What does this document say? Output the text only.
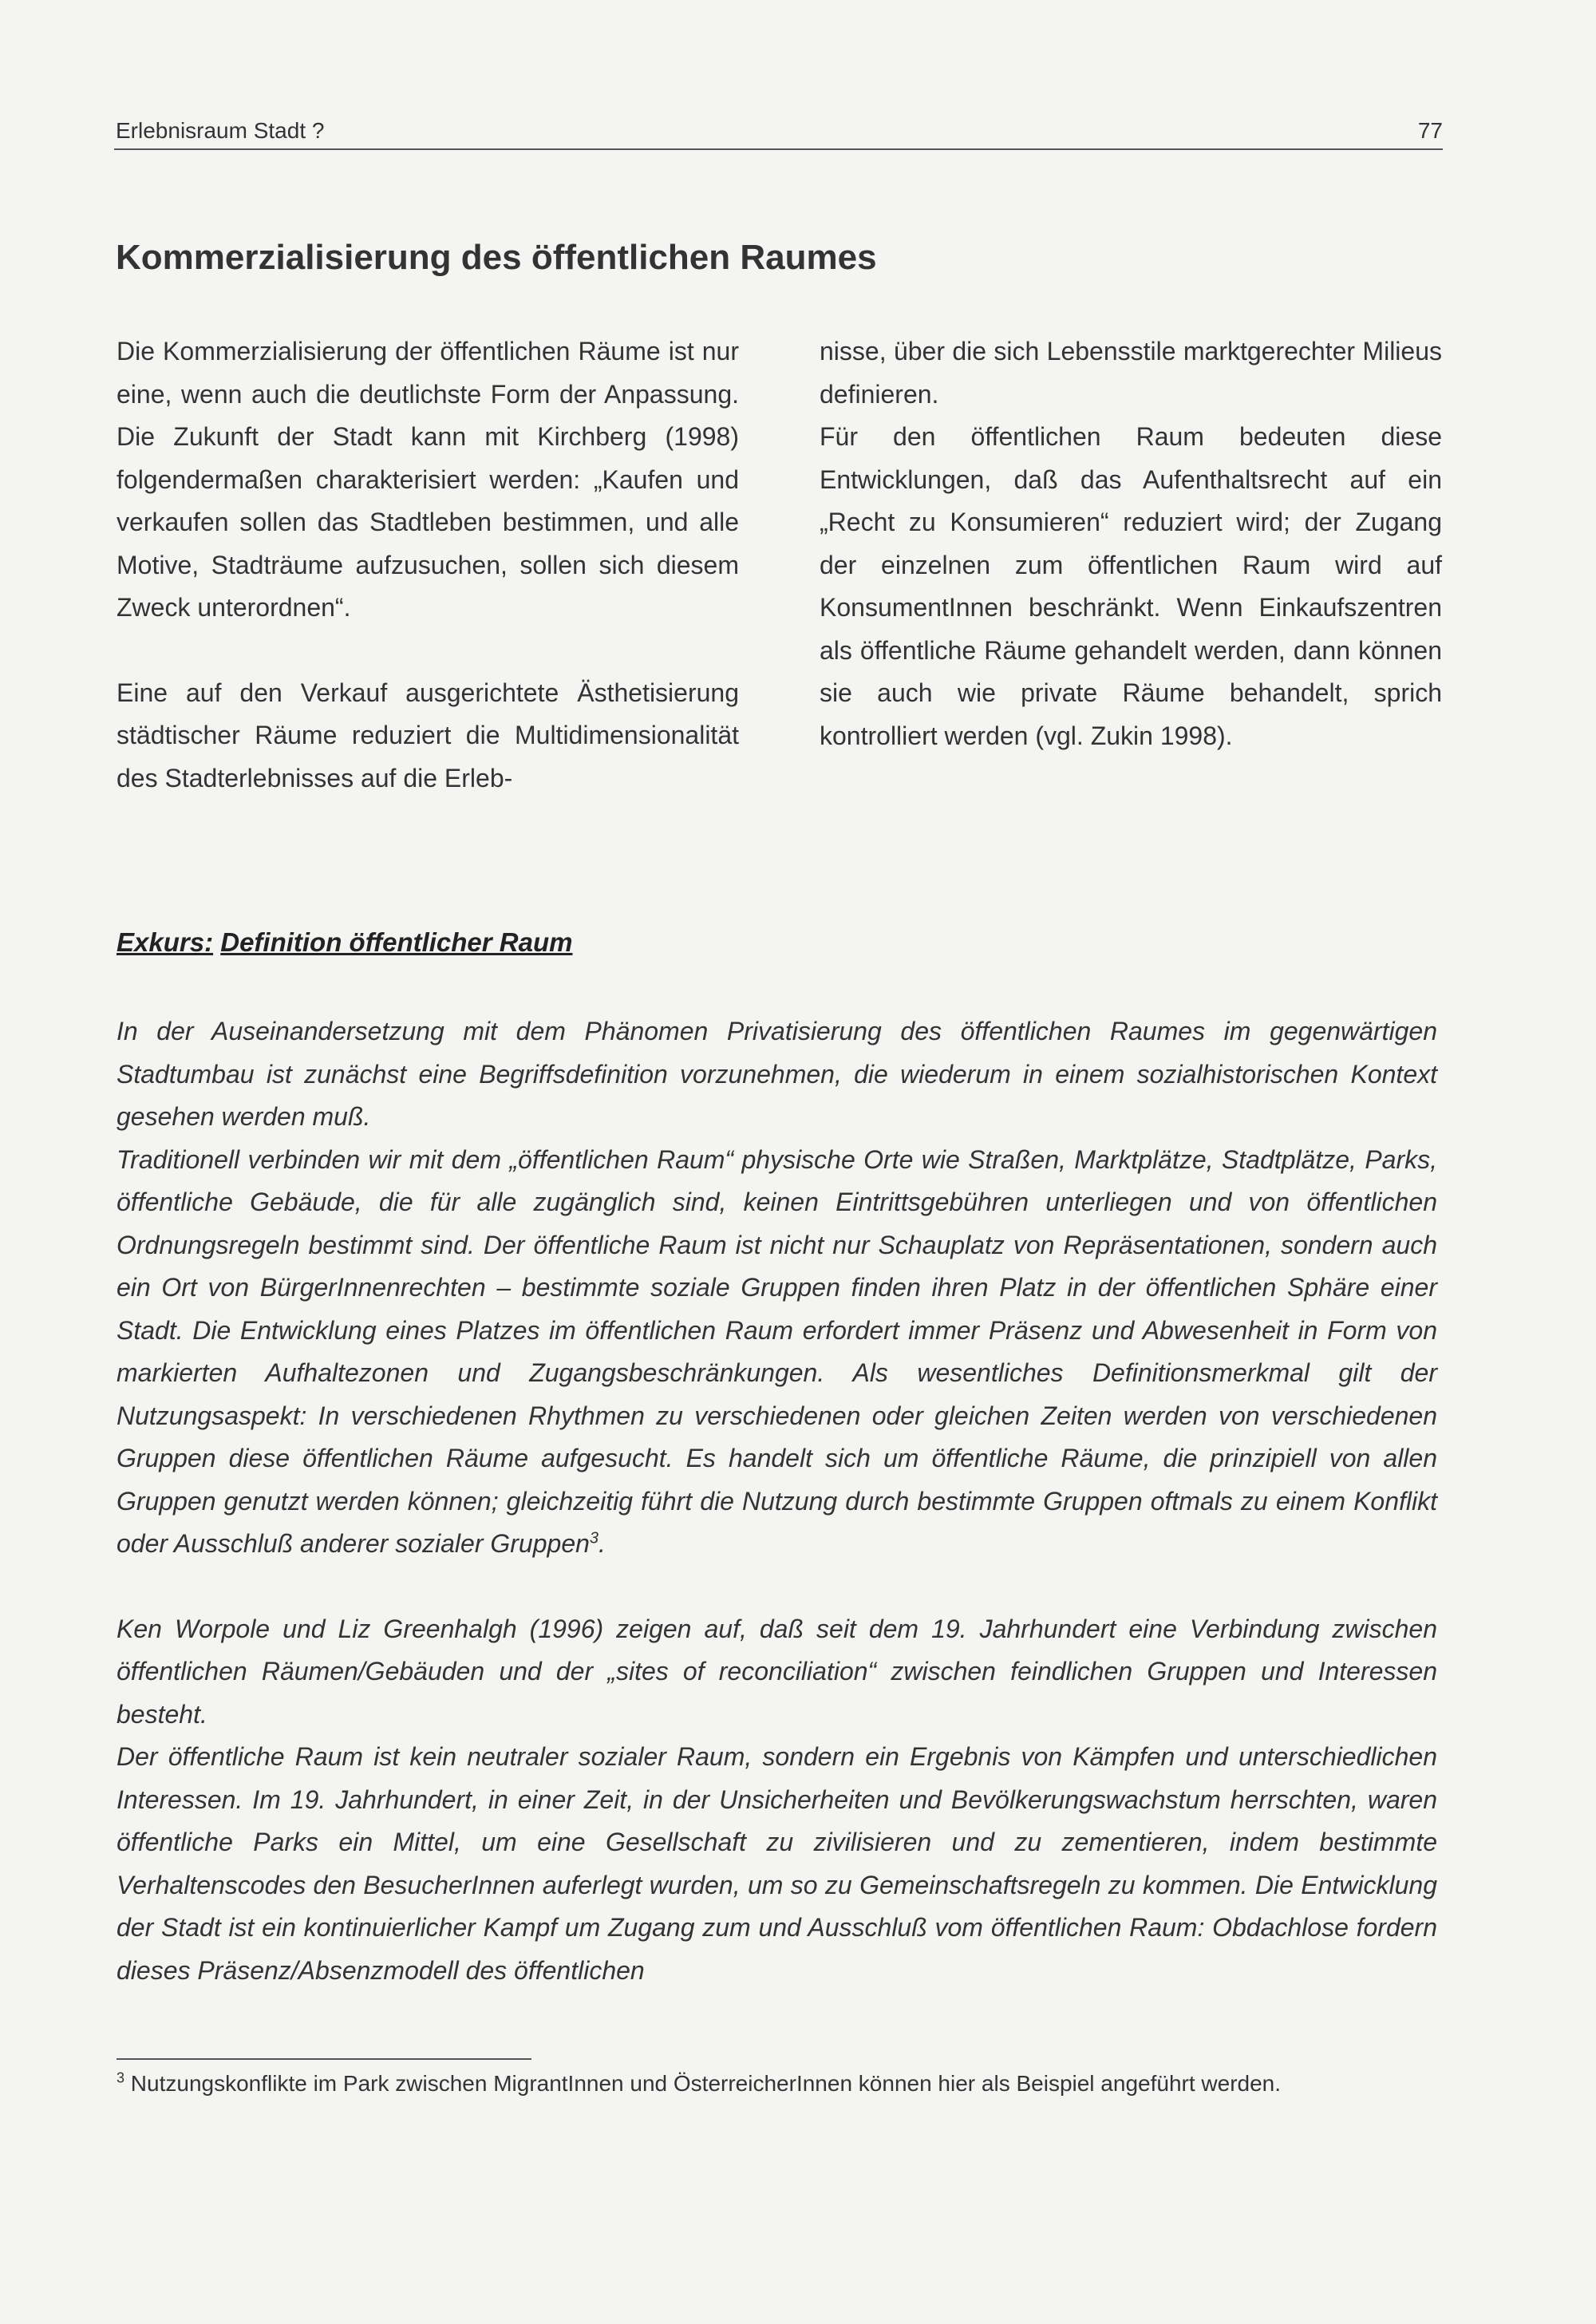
Erlebnisraum Stadt ?	77
Kommerzialisierung des öffentlichen Raumes

Die Kommerzialisierung der öffentlichen Räume ist nur eine, wenn auch die deutlichste Form der Anpassung. Die Zukunft der Stadt kann mit Kirchberg (1998) folgendermaßen charakterisiert werden: „Kaufen und verkaufen sollen das Stadtleben bestimmen, und alle Motive, Stadträume aufzusuchen, sollen sich diesem Zweck unterordnen“.

Eine auf den Verkauf ausgerichtete Ästhetisierung städtischer Räume reduziert die Multidimensionalität des Stadterlebnisses auf die Erleb-

nisse, über die sich Lebensstile marktgerechter Milieus definieren.

Für den öffentlichen Raum bedeuten diese Entwicklungen, daß das Aufenthaltsrecht auf ein „Recht zu Konsumieren“ reduziert wird; der Zugang der einzelnen zum öffentlichen Raum wird auf KonsumentInnen beschränkt. Wenn Einkaufszentren als öffentliche Räume gehandelt werden, dann können sie auch wie private Räume behandelt, sprich kontrolliert werden (vgl. Zukin 1998).

Exkurs: Definition öffentlicher Raum

In der Auseinandersetzung mit dem Phänomen Privatisierung des öffentlichen Raumes im gegenwärtigen Stadtumbau ist zunächst eine Begriffsdefinition vorzunehmen, die wiederum in einem sozialhistorischen Kontext gesehen werden muß.

Traditionell verbinden wir mit dem „öffentlichen Raum“ physische Orte wie Straßen, Marktplätze, Stadtplätze, Parks, öffentliche Gebäude, die für alle zugänglich sind, keinen Eintrittsgebühren unterliegen und von öffentlichen Ordnungsregeln bestimmt sind. Der öffentliche Raum ist nicht nur Schauplatz von Repräsentationen, sondern auch ein Ort von BürgerInnenrechten – bestimmte soziale Gruppen finden ihren Platz in der öffentlichen Sphäre einer Stadt. Die Entwicklung eines Platzes im öffentlichen Raum erfordert immer Präsenz und Abwesenheit in Form von markierten Aufhaltezonen und Zugangsbeschränkungen. Als wesentliches Definitionsmerkmal gilt der Nutzungsaspekt: In verschiedenen Rhythmen zu verschiedenen oder gleichen Zeiten werden von verschiedenen Gruppen diese öffentlichen Räume aufgesucht. Es handelt sich um öffentliche Räume, die prinzipiell von allen Gruppen genutzt werden können; gleichzeitig führt die Nutzung durch bestimmte Gruppen oftmals zu einem Konflikt oder Ausschluß anderer sozialer Gruppen$^3$.

Ken Worpole und Liz Greenhalgh (1996) zeigen auf, daß seit dem 19. Jahrhundert eine Verbindung zwischen öffentlichen Räumen/Gebäuden und der „sites of reconciliation“ zwischen feindlichen Gruppen und Interessen besteht.

Der öffentliche Raum ist kein neutraler sozialer Raum, sondern ein Ergebnis von Kämpfen und unterschiedlichen Interessen. Im 19. Jahrhundert, in einer Zeit, in der Unsicherheiten und Bevölkerungswachstum herrschten, waren öffentliche Parks ein Mittel, um eine Gesellschaft zu zivilisieren und zu zementieren, indem bestimmte Verhaltenscodes den BesucherInnen auferlegt wurden, um so zu Gemeinschaftsregeln zu kommen. Die Entwicklung der Stadt ist ein kontinuierlicher Kampf um Zugang zum und Ausschluß vom öffentlichen Raum: Obdachlose fordern dieses Präsenz/Absenzmodell des öffentlichen

$^3$ Nutzungskonflikte im Park zwischen MigrantInnen und ÖsterreicherInnen können hier als Beispiel angeführt werden.
